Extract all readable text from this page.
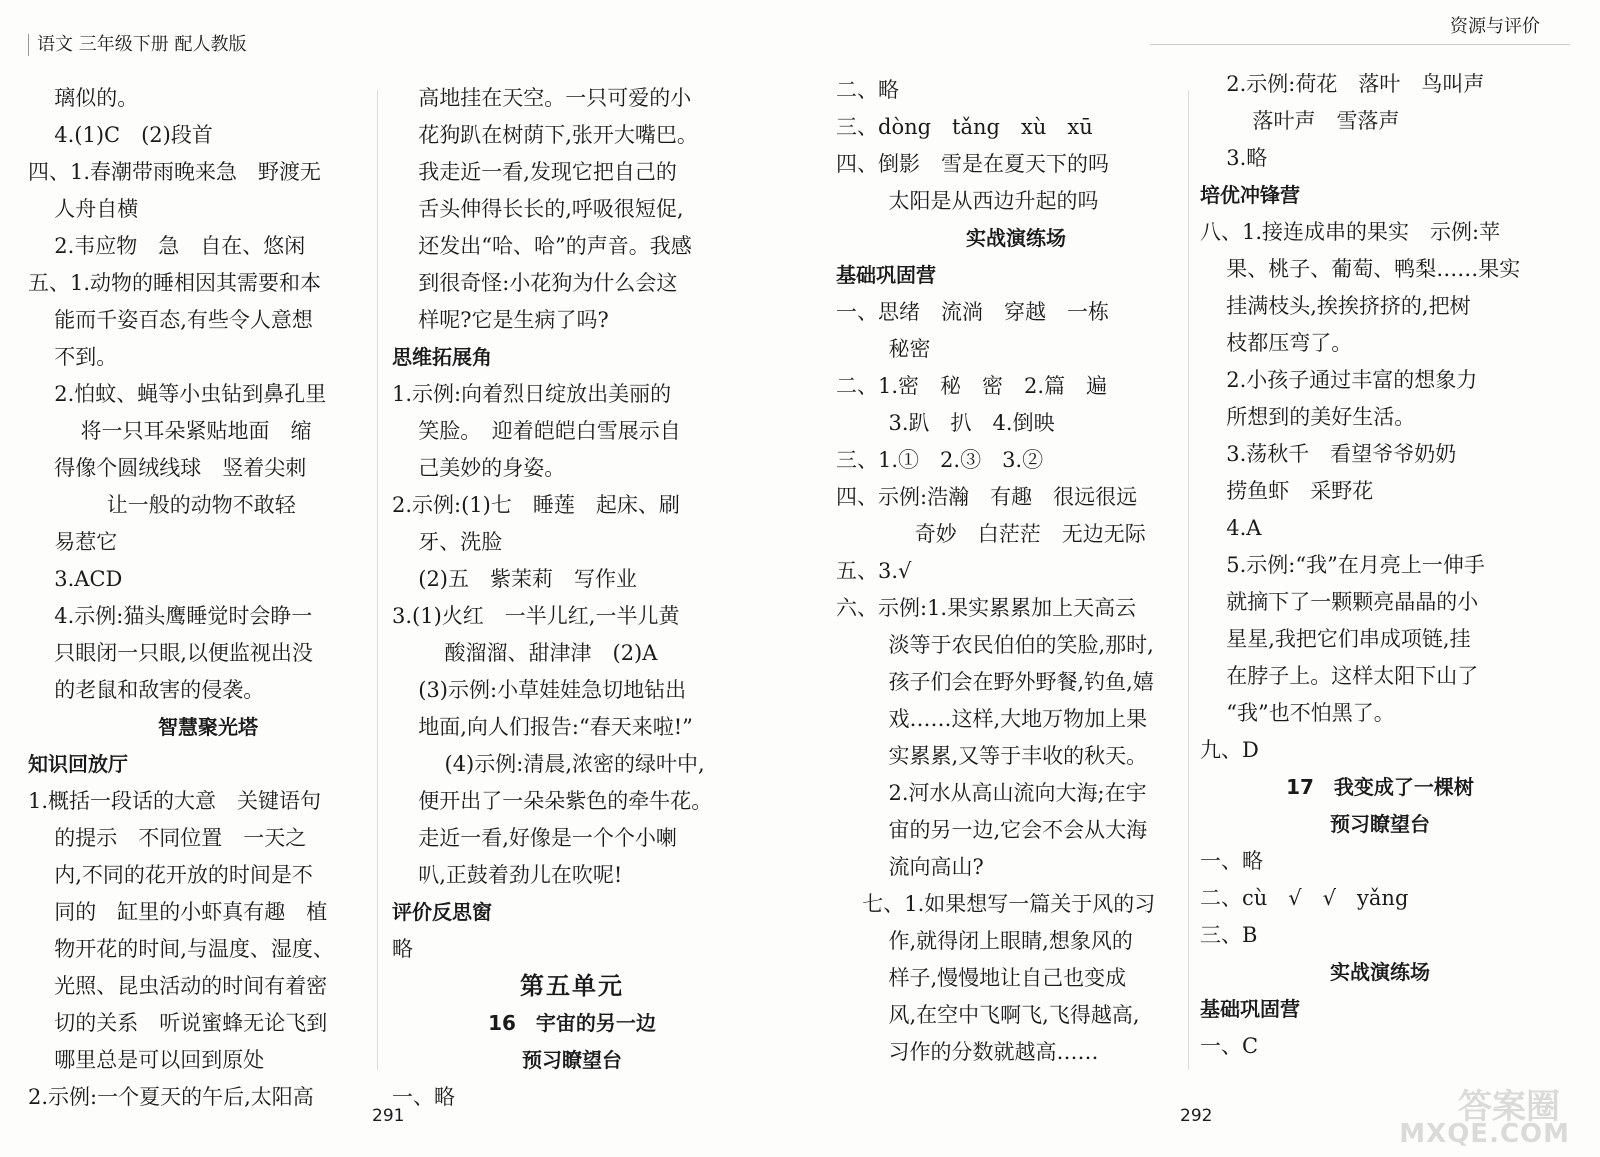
语文 三年级下册 配人教版
资源与评价
璃似的。
4.(1)C　(2)段首
四、1.春潮带雨晚来急　野渡无
人舟自横
2.韦应物　急　自在、悠闲
五、1.动物的睡相因其需要和本
能而千姿百态,有些令人意想
不到。
2.怕蚊、蝇等小虫钻到鼻孔里
将一只耳朵紧贴地面　缩
得像个圆绒线球　竖着尖刺
让一般的动物不敢轻
易惹它
3.ACD
4.示例:猫头鹰睡觉时会睁一
只眼闭一只眼,以便监视出没
的老鼠和敌害的侵袭。
智慧聚光塔
知识回放厅
1.概括一段话的大意　关键语句
的提示　不同位置　一天之
内,不同的花开放的时间是不
同的　缸里的小虾真有趣　植
物开花的时间,与温度、湿度、
光照、昆虫活动的时间有着密
切的关系　听说蜜蜂无论飞到
哪里总是可以回到原处
2.示例:一个夏天的午后,太阳高
高地挂在天空。一只可爱的小
花狗趴在树荫下,张开大嘴巴。
我走近一看,发现它把自己的
舌头伸得长长的,呼吸很短促,
还发出“哈、哈”的声音。我感
到很奇怪:小花狗为什么会这
样呢?它是生病了吗?
思维拓展角
1.示例:向着烈日绽放出美丽的
笑脸。　迎着皑皑白雪展示自
己美妙的身姿。
2.示例:(1)七　睡莲　起床、刷
牙、洗脸
(2)五　紫茉莉　写作业
3.(1)火红　一半儿红,一半儿黄
酸溜溜、甜津津　(2)A
(3)示例:小草娃娃急切地钻出
地面,向人们报告:“春天来啦!”
(4)示例:清晨,浓密的绿叶中,
便开出了一朵朵紫色的牵牛花。
走近一看,好像是一个个小喇
叭,正鼓着劲儿在吹呢!
评价反思窗
略
第五单元
16　宇宙的另一边
预习瞭望台
一、略
二、略
三、dòng　tǎng　xù　xū
四、倒影　雪是在夏天下的吗
太阳是从西边升起的吗
实战演练场
基础巩固营
一、思绪　流淌　穿越　一栋
秘密
二、1.密　秘　密　2.篇　遍
3.趴　扒　4.倒映
三、1.①　2.③　3.②
四、示例:浩瀚　有趣　很远很远
奇妙　白茫茫　无边无际
五、3.√
六、示例:1.果实累累加上天高云
淡等于农民伯伯的笑脸,那时,
孩子们会在野外野餐,钓鱼,嬉
戏……这样,大地万物加上果
实累累,又等于丰收的秋天。
2.河水从高山流向大海;在宇
宙的另一边,它会不会从大海
流向高山?
七、1.如果想写一篇关于风的习
作,就得闭上眼睛,想象风的
样子,慢慢地让自己也变成
风,在空中飞啊飞,飞得越高,
习作的分数就越高……
2.示例:荷花　落叶　鸟叫声
落叶声　雪落声
3.略
培优冲锋营
八、1.接连成串的果实　示例:苹
果、桃子、葡萄、鸭梨……果实
挂满枝头,挨挨挤挤的,把树
枝都压弯了。
2.小孩子通过丰富的想象力
所想到的美好生活。
3.荡秋千　看望爷爷奶奶
捞鱼虾　采野花
4.A
5.示例:“我”在月亮上一伸手
就摘下了一颗颗亮晶晶的小
星星,我把它们串成项链,挂
在脖子上。这样太阳下山了
“我”也不怕黑了。
九、D
17　我变成了一棵树
预习瞭望台
一、略
二、cù　√　√　yǎng
三、B
实战演练场
基础巩固营
一、C
291	292	答案圈
MXQE.COM
